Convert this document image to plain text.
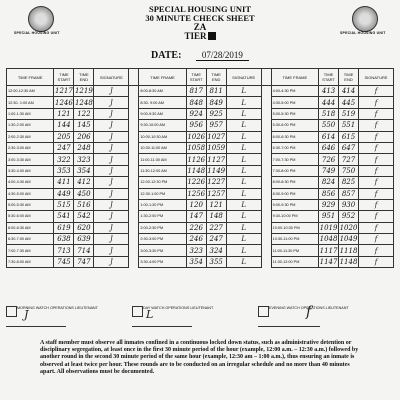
SPECIAL HOUSING UNIT	SPECIAL HOUSING UNIT
SPECIAL HOUSING UNIT
30 MINUTE CHECK SHEET
ZA
TIER
DATE: 07/28/2019
TIME FRAME	TIME START	TIME END	SIGNATURE		TIME FRAME	TIME START	TIME END	SIGNATURE		TIME FRAME	TIME START	TIME END	SIGNATURE
12:00-12:30 AM	1217	1219	J		8:00-8:30 AM	817	811	L		4:00-4:30 PM	413	414	f
12:30- 1:00 AM	1246	1248	J		8:30- 9:00 AM	848	849	L		4:30-5:00 PM	444	445	f
1:00-1:30 AM	121	122	J		9:00-9:30 AM	924	925	L		5:00-5:30 PM	518	519	f
1:30-2:00 AM	144	145	J		9:30-10:00 AM	956	957	L		5:30-6:00 PM	550	551	f
2:00-2:30 AM	205	206	J		10:00-10:30 AM	1026	1027	L		6:00-6:30 PM	614	615	f
2:30-3:00 AM	247	248	J		10:30-11:00 AM	1058	1059	L		6:30-7:00 PM	646	647	f
3:00-3:30 AM	322	323	J		11:00-11:30 AM	1126	1127	L		7:00-7:30 PM	726	727	f
3:30-4:00 AM	353	354	J		11:30-12:00 AM	1148	1149	L		7:30-8:00 PM	749	750	f
4:00-4:30 AM	411	412	J		12:00-12:30 PM	1226	1227	L		8:00-8:30 PM	824	825	f
4:30-5:00 AM	449	450	J		12:30-1:00 PM	1256	1257	L		8:30-9:00 PM	856	857	f
5:00-5:30 AM	515	516	J		1:00-1:30 PM	120	121	L		9:00-9:30 PM	929	930	f
5:30-6:00 AM	541	542	J		1:30-2:00 PM	147	148	L		9:30-10:00 PM	951	952	f
6:00-6:30 AM	619	620	J		2:00-2:30 PM	226	227	L		10:00-10:30 PM	1019	1020	f
6:30-7:00 AM	638	639	J		2:30-3:00 PM	246	247	L		10:30-11:00 PM	1048	1049	f
7:00-7:30 AM	713	714	J		3:00-3:30 PM	323	324	L		11:00-11:30 PM	1117	1118	f
7:30-8:00 AM	745	747	J		3:30-4:00 PM	354	355	L		11:30-12:00 PM	1147	1148	f
MORNING WATCH OPERATIONS LIEUTENANT
J	DAY WATCH OPERATIONS LIEUTENANT
L	EVENING WATCH OPERATIONS LIEUTENANT
f
A staff member must observe all inmates confined in a continuous locked down status, such as administrative detention or disciplinary segregation, at least once in the first 30 minute period of the hour (example, 12:00 a.m. – 12:30 a.m.) followed by another round in the second 30 minute period of the same hour (example, 12:30 am – 1:00 a.m.), thus ensuring an inmate is observed at least twice per hour. These rounds are to be conducted on an irregular schedule and no more than 40 minutes apart. All observations must be documented.
